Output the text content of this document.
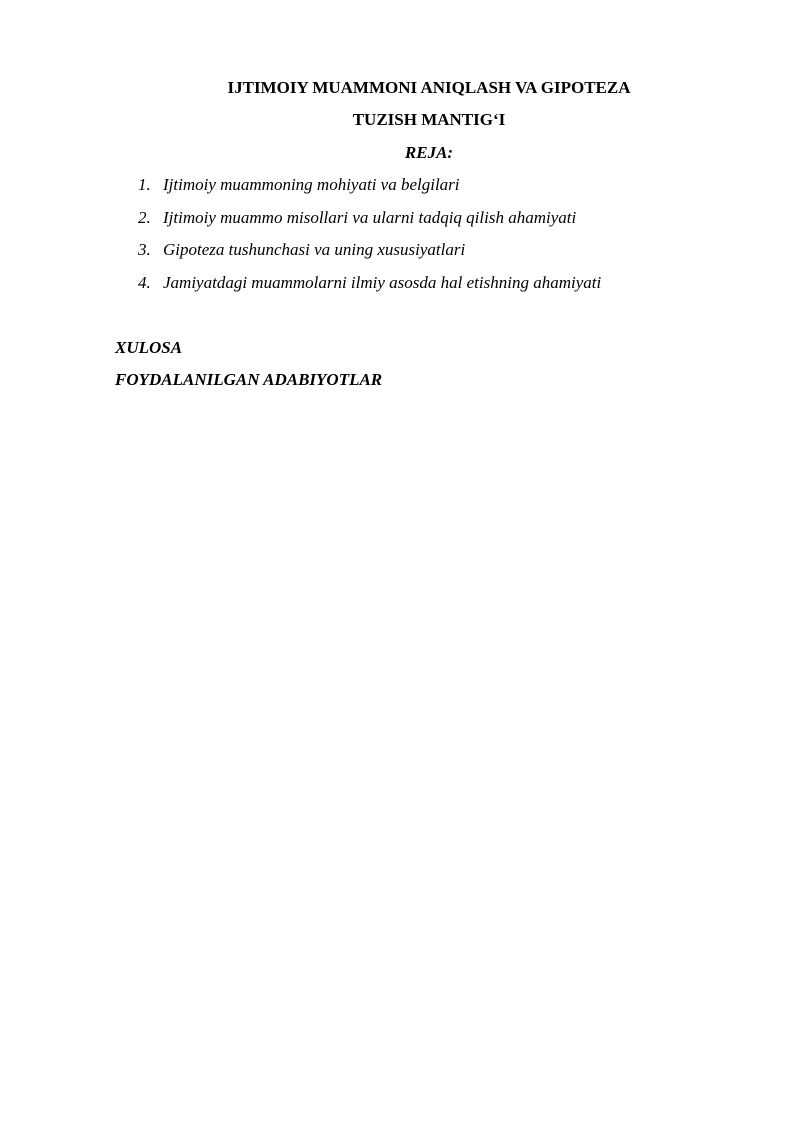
IJTIMOIY MUAMMONI ANIQLASH VA GIPOTEZA
TUZISH MANTIG‘I
REJA:
1. Ijtimoiy muammoning mohiyati va belgilari
2. Ijtimoiy muammo misollari va ularni tadqiq qilish ahamiyati
3. Gipoteza tushunchasi va uning xususiyatlari
4. Jamiyatdagi muammolarni ilmiy asosda hal etishning ahamiyati
XULOSA
FOYDALANILGAN ADABIYOTLAR
